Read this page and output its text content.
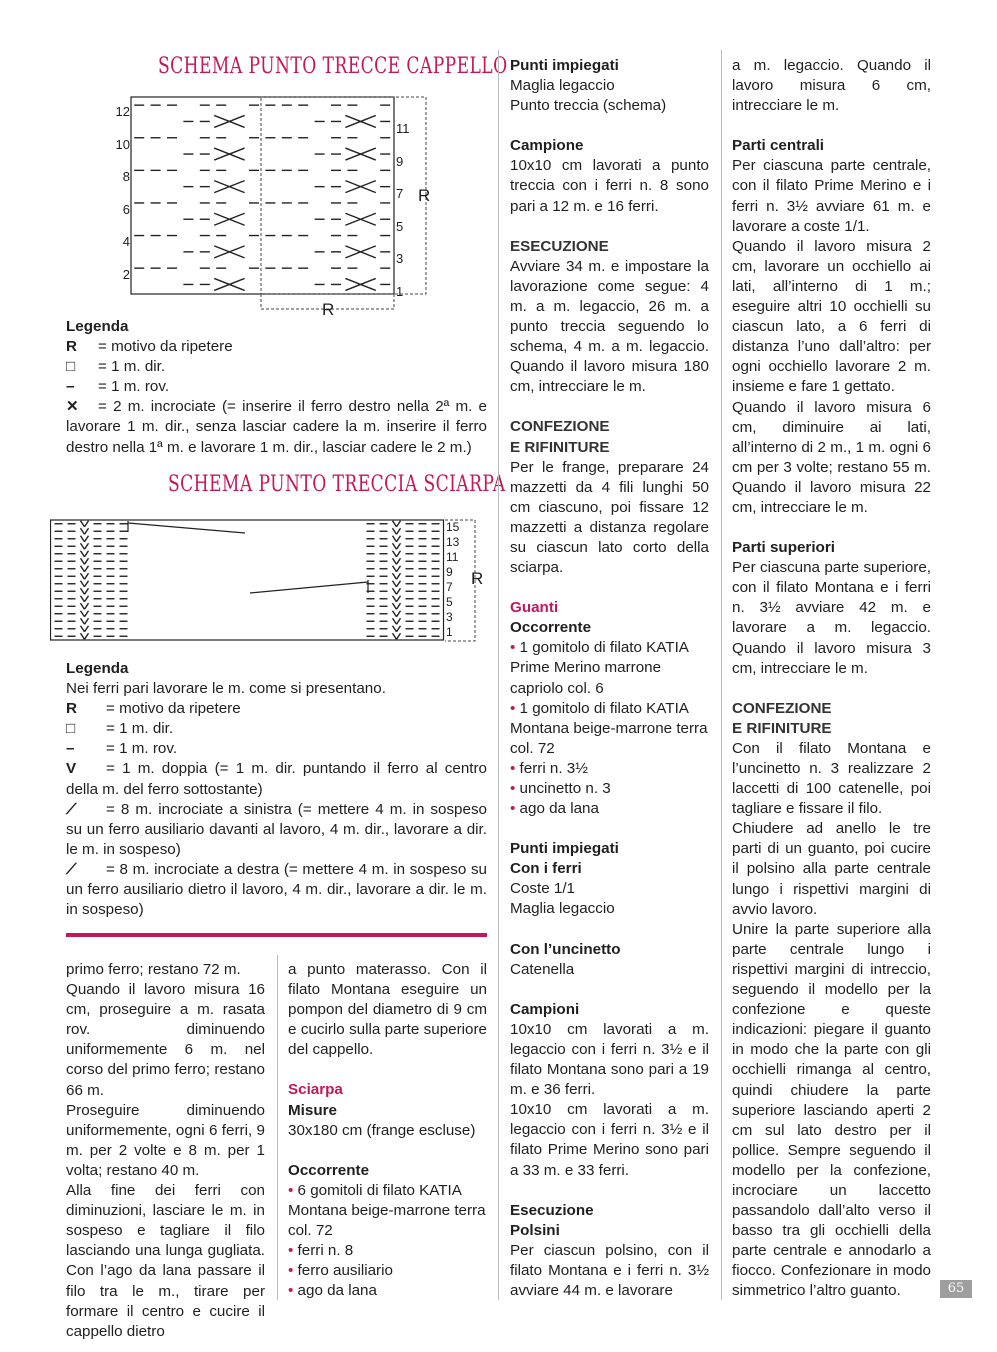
SCHEMA PUNTO TRECCE CAPPELLO
12
10
8
6
4
2
11
9
7
5
3
1
R
R
Legenda
R = motivo da ripetere
□ = 1 m. dir.
– = 1 m. rov.
✕ = 2 m. incrociate (= inserire il ferro destro nella 2ª m. e lavorare 1 m. dir., senza lasciar cadere la m. inserire il ferro destro nella 1ª m. e lavorare 1 m. dir., lasciar cadere le 2 m.)
SCHEMA PUNTO TRECCIA SCIARPA
15
13
11
9
7
5
3
1
R
Legenda
Nei ferri pari lavorare le m. come si presentano.
R = motivo da ripetere
□ = 1 m. dir.
– = 1 m. rov.
V = 1 m. doppia (= 1 m. dir. puntando il ferro al centro della m. del ferro sottostante)
⟋ = 8 m. incrociate a sinistra (= mettere 4 m. in sospeso su un ferro ausiliario davanti al lavoro, 4 m. dir., lavorare a dir. le m. in sospeso)
⟋ = 8 m. incrociate a destra (= mettere 4 m. in sospeso su un ferro ausiliario dietro il lavoro, 4 m. dir., lavorare a dir. le m. in sospeso)
primo ferro; restano 72 m.
Quando il lavoro misura 16 cm, proseguire a m. rasata rov. diminuendo uniformemente 6 m. nel corso del primo ferro; restano 66 m.
Proseguire diminuendo uniformemente, ogni 6 ferri, 9 m. per 2 volte e 8 m. per 1 volta; restano 40 m.
Alla fine dei ferri con diminuzioni, lasciare le m. in sospeso e tagliare il filo lasciando una lunga gugliata. Con l’ago da lana passare il filo tra le m., tirare per formare il centro e cucire il cappello dietro
a punto materasso. Con il filato Montana eseguire un pompon del diametro di 9 cm e cucirlo sulla parte superiore del cappello.
Sciarpa
Misure
30x180 cm (frange escluse)
Occorrente
• 6 gomitoli di filato KATIA Montana beige-marrone terra col. 72
• ferri n. 8
• ferro ausiliario
• ago da lana
Punti impiegati
Maglia legaccio
Punto treccia (schema)
Campione
10x10 cm lavorati a punto treccia con i ferri n. 8 sono pari a 12 m. e 16 ferri.
ESECUZIONE
Avviare 34 m. e impostare la lavorazione come segue: 4 m. a m. legaccio, 26 m. a punto treccia seguendo lo schema, 4 m. a m. legaccio. Quando il lavoro misura 180 cm, intrecciare le m.
CONFEZIONE
E RIFINITURE
Per le frange, preparare 24 mazzetti da 4 fili lunghi 50 cm ciascuno, poi fissare 12 mazzetti a distanza regolare su ciascun lato corto della sciarpa.
Guanti
Occorrente
• 1 gomitolo di filato KATIA Prime Merino marrone capriolo col. 6
• 1 gomitolo di filato KATIA Montana beige-marrone terra col. 72
• ferri n. 3½
• uncinetto n. 3
• ago da lana
Punti impiegati
Con i ferri
Coste 1/1
Maglia legaccio
Con l’uncinetto
Catenella
Campioni
10x10 cm lavorati a m. legaccio con i ferri n. 3½ e il filato Montana sono pari a 19 m. e 36 ferri.
10x10 cm lavorati a m. legaccio con i ferri n. 3½ e il filato Prime Merino sono pari a 33 m. e 33 ferri.
Esecuzione
Polsini
Per ciascun polsino, con il filato Montana e i ferri n. 3½ avviare 44 m. e lavorare
a m. legaccio. Quando il lavoro misura 6 cm, intrecciare le m.
Parti centrali
Per ciascuna parte centrale, con il filato Prime Merino e i ferri n. 3½ avviare 61 m. e lavorare a coste 1/1.
Quando il lavoro misura 2 cm, lavorare un occhiello ai lati, all’interno di 1 m.; eseguire altri 10 occhielli su ciascun lato, a 6 ferri di distanza l’uno dall’altro: per ogni occhiello lavorare 2 m. insieme e fare 1 gettato.
Quando il lavoro misura 6 cm, diminuire ai lati, all’interno di 2 m., 1 m. ogni 6 cm per 3 volte; restano 55 m. Quando il lavoro misura 22 cm, intrecciare le m.
Parti superiori
Per ciascuna parte superiore, con il filato Montana e i ferri n. 3½ avviare 42 m. e lavorare a m. legaccio. Quando il lavoro misura 3 cm, intrecciare le m.
CONFEZIONE
E RIFINITURE
Con il filato Montana e l’uncinetto n. 3 realizzare 2 laccetti di 100 catenelle, poi tagliare e fissare il filo.
Chiudere ad anello le tre parti di un guanto, poi cucire il polsino alla parte centrale lungo i rispettivi margini di avvio lavoro.
Unire la parte superiore alla parte centrale lungo i rispettivi margini di intreccio, seguendo il modello per la confezione e queste indicazioni: piegare il guanto in modo che la parte con gli occhielli rimanga al centro, quindi chiudere la parte superiore lasciando aperti 2 cm sul lato destro per il pollice. Sempre seguendo il modello per la confezione, incrociare un laccetto passandolo dall’alto verso il basso tra gli occhielli della parte centrale e annodarlo a fiocco. Confezionare in modo simmetrico l’altro guanto.	65
